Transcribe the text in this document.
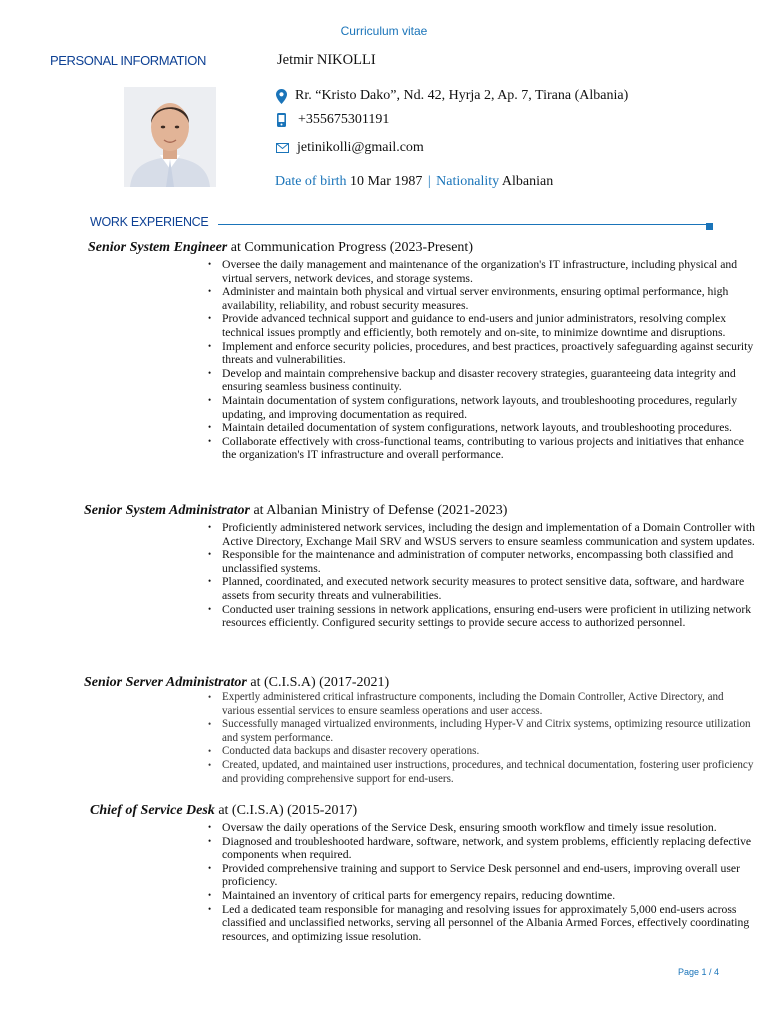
Curriculum vitae
PERSONAL INFORMATION	Jetmir NIKOLLI
Rr. “Kristo Dako”, Nd. 42, Hyrja 2, Ap. 7, Tirana (Albania)
+355675301191
jetinikolli@gmail.com
Date of birth 10 Mar 1987 | Nationality Albanian
WORK EXPERIENCE
Senior System Engineer at Communication Progress (2023-Present)
• Oversee the daily management and maintenance of the organization's IT infrastructure, including physical and virtual servers, network devices, and storage systems.
• Administer and maintain both physical and virtual server environments, ensuring optimal performance, high availability, reliability, and robust security measures.
• Provide advanced technical support and guidance to end-users and junior administrators, resolving complex technical issues promptly and efficiently, both remotely and on-site, to minimize downtime and disruptions.
• Implement and enforce security policies, procedures, and best practices, proactively safeguarding against security threats and vulnerabilities.
• Develop and maintain comprehensive backup and disaster recovery strategies, guaranteeing data integrity and ensuring seamless business continuity.
• Maintain documentation of system configurations, network layouts, and troubleshooting procedures, regularly updating, and improving documentation as required.
• Maintain detailed documentation of system configurations, network layouts, and troubleshooting procedures.
• Collaborate effectively with cross-functional teams, contributing to various projects and initiatives that enhance the organization's IT infrastructure and overall performance.
Senior System Administrator at Albanian Ministry of Defense (2021-2023)
• Proficiently administered network services, including the design and implementation of a Domain Controller with Active Directory, Exchange Mail SRV and WSUS servers to ensure seamless communication and system updates.
• Responsible for the maintenance and administration of computer networks, encompassing both classified and unclassified systems.
• Planned, coordinated, and executed network security measures to protect sensitive data, software, and hardware assets from security threats and vulnerabilities.
• Conducted user training sessions in network applications, ensuring end-users were proficient in utilizing network resources efficiently. Configured security settings to provide secure access to authorized personnel.
Senior Server Administrator at (C.I.S.A) (2017-2021)
• Expertly administered critical infrastructure components, including the Domain Controller, Active Directory, and various essential services to ensure seamless operations and user access.
• Successfully managed virtualized environments, including Hyper-V and Citrix systems, optimizing resource utilization and system performance.
• Conducted data backups and disaster recovery operations.
• Created, updated, and maintained user instructions, procedures, and technical documentation, fostering user proficiency and providing comprehensive support for end-users.
Chief of Service Desk at (C.I.S.A) (2015-2017)
• Oversaw the daily operations of the Service Desk, ensuring smooth workflow and timely issue resolution.
• Diagnosed and troubleshooted hardware, software, network, and system problems, efficiently replacing defective components when required.
• Provided comprehensive training and support to Service Desk personnel and end-users, improving overall user proficiency.
• Maintained an inventory of critical parts for emergency repairs, reducing downtime.
• Led a dedicated team responsible for managing and resolving issues for approximately 5,000 end-users across classified and unclassified networks, serving all personnel of the Albania Armed Forces, effectively coordinating resources, and optimizing issue resolution.
Page 1 / 4
